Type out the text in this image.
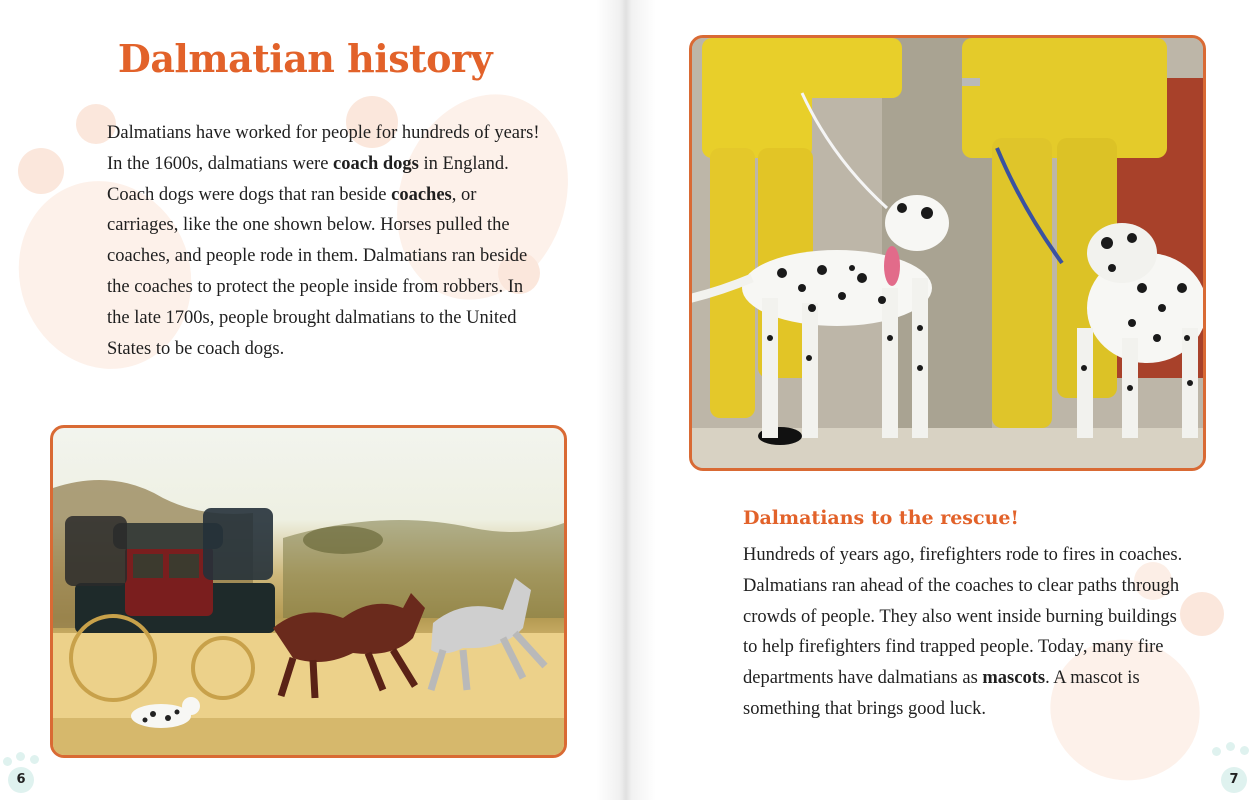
Dalmatian history

Dalmatians have worked for people for hundreds of years! In the 1600s, dalmatians were coach dogs in England. Coach dogs were dogs that ran beside coaches, or carriages, like the one shown below. Horses pulled the coaches, and people rode in them. Dalmatians ran beside the coaches to protect the people inside from robbers. In the late 1700s, people brought dalmatians to the United States to be coach dogs.

6
Dalmatians to the rescue!

Hundreds of years ago, firefighters rode to fires in coaches. Dalmatians ran ahead of the coaches to clear paths through crowds of people. They also went inside burning buildings to help firefighters find trapped people. Today, many fire departments have dalmatians as mascots. A mascot is something that brings good luck.

7
